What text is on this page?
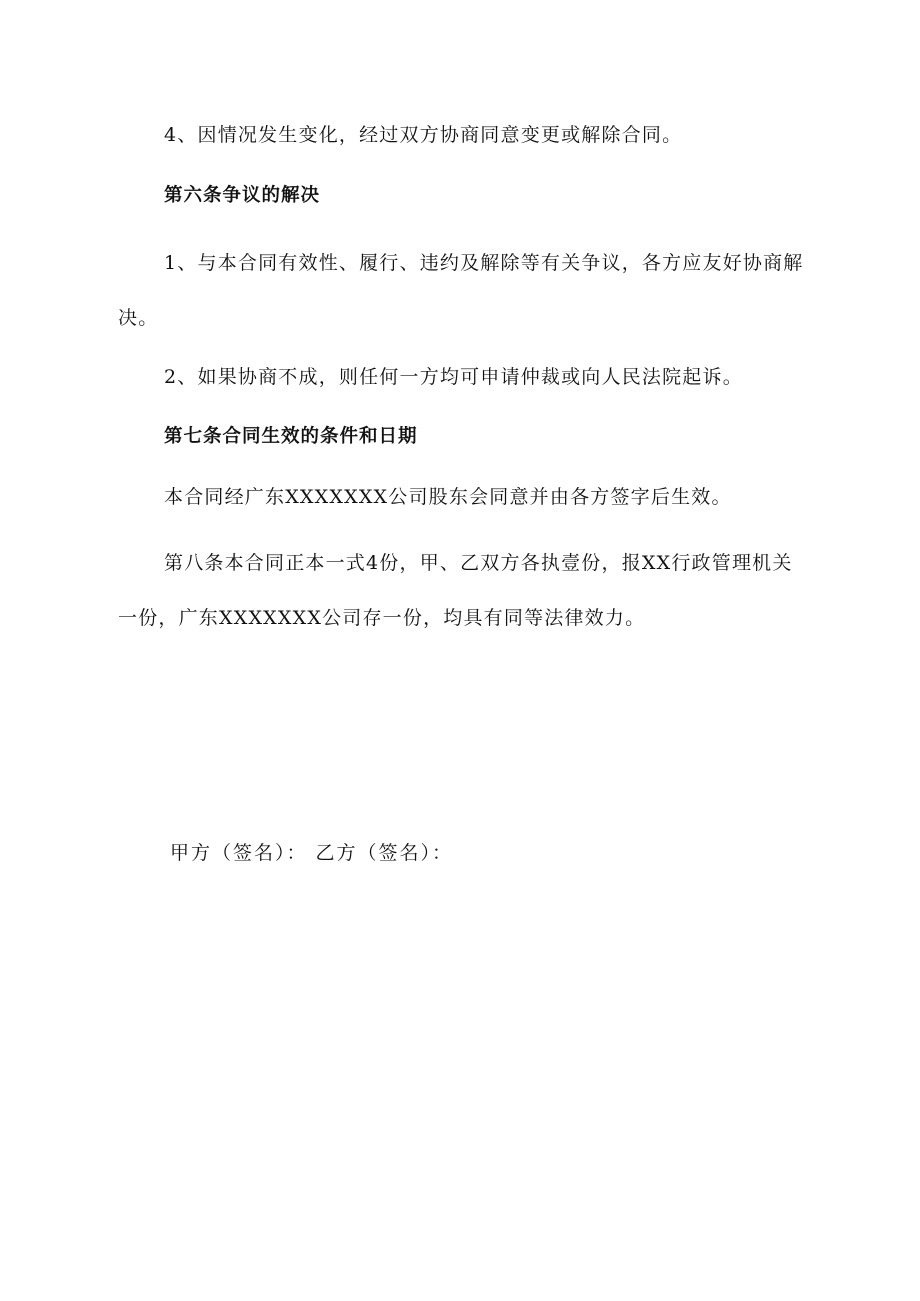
4、因情况发生变化，经过双方协商同意变更或解除合同。

第六条争议的解决

1、与本合同有效性、履行、违约及解除等有关争议，各方应友好协商解决。

2、如果协商不成，则任何一方均可申请仲裁或向人民法院起诉。

第七条合同生效的条件和日期

本合同经广东XXXXXXX公司股东会同意并由各方签字后生效。

第八条本合同正本一式4份，甲、乙双方各执壹份，报XX行政管理机关一份，广东XXXXXXX公司存一份，均具有同等法律效力。

甲方（签名）： 乙方（签名）：
